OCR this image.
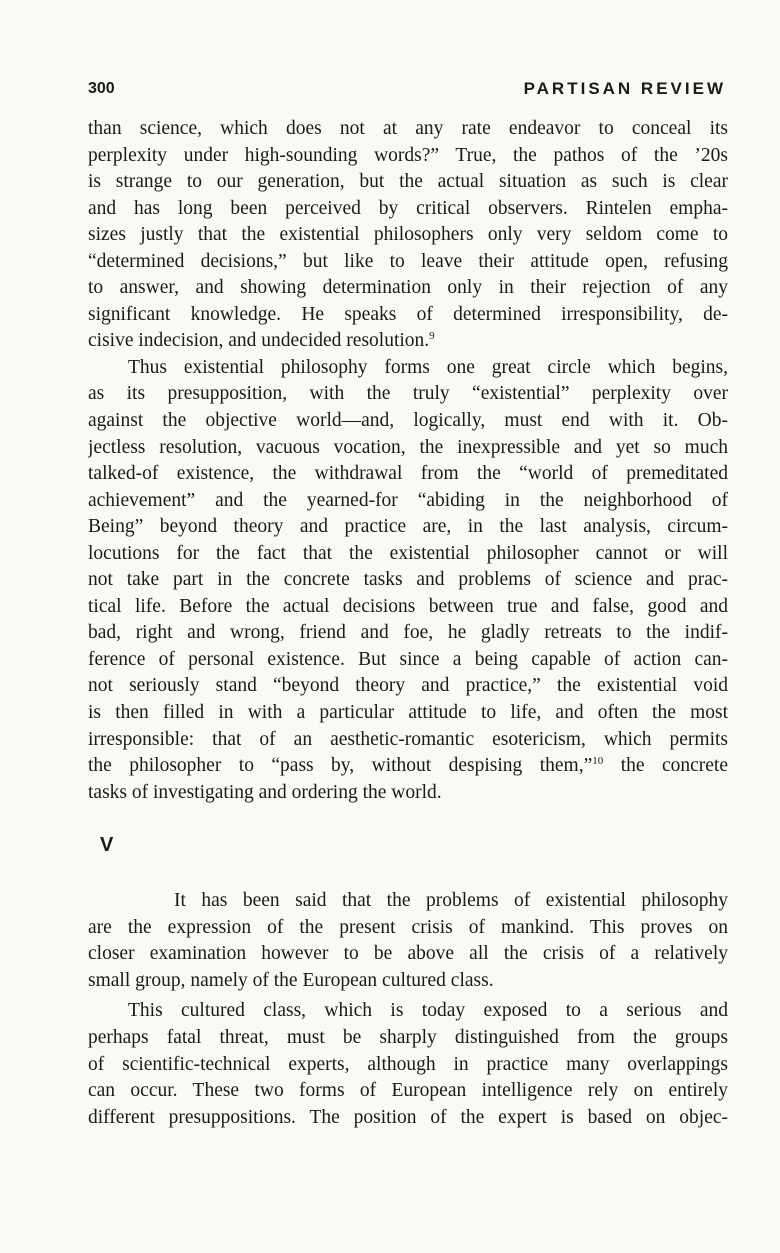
300	PARTISAN REVIEW
than science, which does not at any rate endeavor to conceal its
perplexity under high-sounding words?” True, the pathos of the ’20s
is strange to our generation, but the actual situation as such is clear
and has long been perceived by critical observers. Rintelen empha-
sizes justly that the existential philosophers only very seldom come to
“determined decisions,” but like to leave their attitude open, refusing
to answer, and showing determination only in their rejection of any
significant knowledge. He speaks of determined irresponsibility, de-
cisive indecision, and undecided resolution.$^9$
Thus existential philosophy forms one great circle which begins,
as its presupposition, with the truly “existential” perplexity over
against the objective world—and, logically, must end with it. Ob-
jectless resolution, vacuous vocation, the inexpressible and yet so much
talked-of existence, the withdrawal from the “world of premeditated
achievement” and the yearned-for “abiding in the neighborhood of
Being” beyond theory and practice are, in the last analysis, circum-
locutions for the fact that the existential philosopher cannot or will
not take part in the concrete tasks and problems of science and prac-
tical life. Before the actual decisions between true and false, good and
bad, right and wrong, friend and foe, he gladly retreats to the indif-
ference of personal existence. But since a being capable of action can-
not seriously stand “beyond theory and practice,” the existential void
is then filled in with a particular attitude to life, and often the most
irresponsible: that of an aesthetic-romantic esotericism, which permits
the philosopher to “pass by, without despising them,”$^{10}$ the concrete
tasks of investigating and ordering the world.
V
It has been said that the problems of existential philosophy
are the expression of the present crisis of mankind. This proves on
closer examination however to be above all the crisis of a relatively
small group, namely of the European cultured class.
This cultured class, which is today exposed to a serious and
perhaps fatal threat, must be sharply distinguished from the groups
of scientific-technical experts, although in practice many overlappings
can occur. These two forms of European intelligence rely on entirely
different presuppositions. The position of the expert is based on objec-
